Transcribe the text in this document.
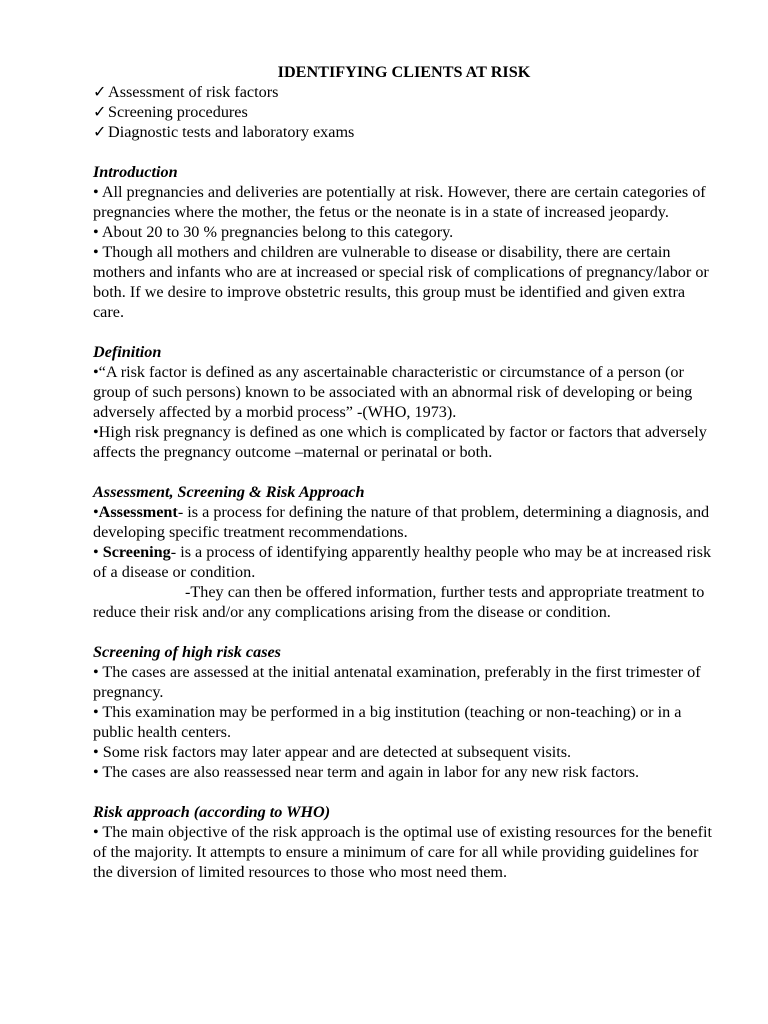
IDENTIFYING CLIENTS AT RISK
✓Assessment of risk factors
✓Screening procedures
✓Diagnostic tests and laboratory exams
Introduction

• All pregnancies and deliveries are potentially at risk. However, there are certain categories of pregnancies where the mother, the fetus or the neonate is in a state of increased jeopardy.

• About 20 to 30 % pregnancies belong to this category.

• Though all mothers and children are vulnerable to disease or disability, there are certain mothers and infants who are at increased or special risk of complications of pregnancy/labor or both. If we desire to improve obstetric results, this group must be identified and given extra care.

Definition

•“A risk factor is defined as any ascertainable characteristic or circumstance of a person (or group of such persons) known to be associated with an abnormal risk of developing or being adversely affected by a morbid process” -(WHO, 1973).

•High risk pregnancy is defined as one which is complicated by factor or factors that adversely affects the pregnancy outcome –maternal or perinatal or both.

Assessment, Screening & Risk Approach

•Assessment- is a process for defining the nature of that problem, determining a diagnosis, and developing specific treatment recommendations.

• Screening- is a process of identifying apparently healthy people who may be at increased risk of a disease or condition.

-They can then be offered information, further tests and appropriate treatment to reduce their risk and/or any complications arising from the disease or condition.

Screening of high risk cases

• The cases are assessed at the initial antenatal examination, preferably in the first trimester of pregnancy.

• This examination may be performed in a big institution (teaching or non-teaching) or in a public health centers.

• Some risk factors may later appear and are detected at subsequent visits.

• The cases are also reassessed near term and again in labor for any new risk factors.

Risk approach (according to WHO)

• The main objective of the risk approach is the optimal use of existing resources for the benefit of the majority. It attempts to ensure a minimum of care for all while providing guidelines for the diversion of limited resources to those who most need them.
